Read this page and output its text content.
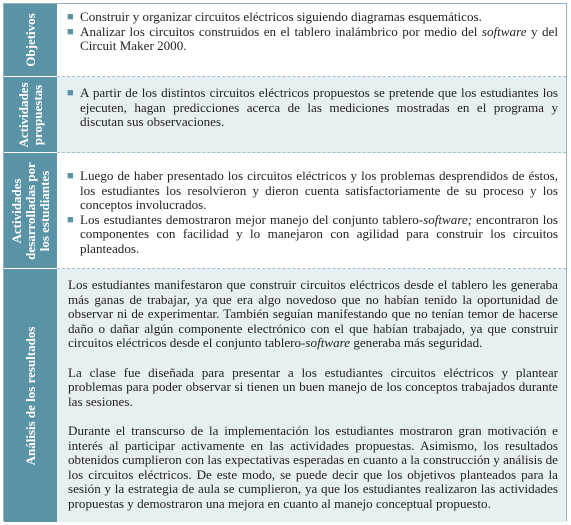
Objetivos	■ Construir y organizar circuitos eléctricos siguiendo diagramas esquemáticos.
■ Analizar los circuitos construidos en el tablero inalámbrico por medio del software y del Circuit Maker 2000.
Actividades
propuestas ■ A partir de los distintos circuitos eléctricos propuestos se pretende que los estudiantes los ejecuten, hagan predicciones acerca de las mediciones mostradas en el programa y discutan sus observaciones.
Actividades
desarrolladas por
los estudiantes ■ Luego de haber presentado los circuitos eléctricos y los problemas desprendidos de éstos, los estudiantes los resolvieron y dieron cuenta satisfactoriamente de su proceso y los conceptos involucrados.
■ Los estudiantes demostraron mejor manejo del conjunto tablero-software; encontraron los componentes con facilidad y lo manejaron con agilidad para construir los circuitos planteados.
Análisis de los resultados

Los estudiantes manifestaron que construir circuitos eléctricos desde el tablero les generaba más ganas de trabajar, ya que era algo novedoso que no habían tenido la oportunidad de observar ni de experimentar. También seguían manifestando que no tenían temor de hacerse daño o dañar algún componente electrónico con el que habían trabajado, ya que construir circuitos eléctricos desde el conjunto tablero-software generaba más seguridad.

La clase fue diseñada para presentar a los estudiantes circuitos eléctricos y plantear problemas para poder observar si tienen un buen manejo de los conceptos trabajados durante las sesiones.

Durante el transcurso de la implementación los estudiantes mostraron gran motivación e interés al participar activamente en las actividades propuestas. Asimismo, los resultados obtenidos cumplieron con las expectativas esperadas en cuanto a la construcción y análisis de los circuitos eléctricos. De este modo, se puede decir que los objetivos planteados para la sesión y la estrategia de aula se cumplieron, ya que los estudiantes realizaron las actividades propuestas y demostraron una mejora en cuanto al manejo conceptual propuesto.
